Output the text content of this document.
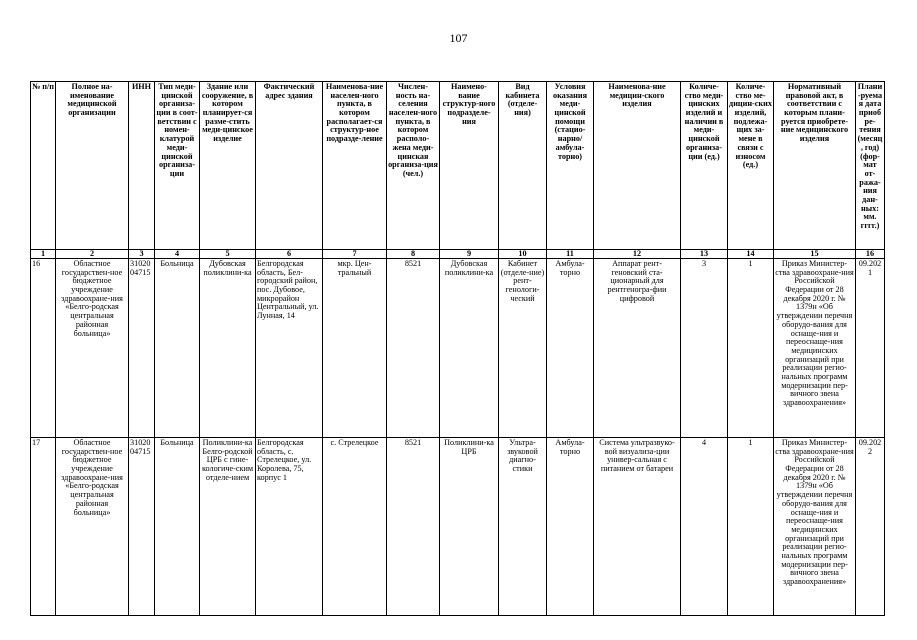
107
№ п/п	Полное на-именование медицинской организации	ИНН	Тип меди-цинской организа-ции в соот-ветствии с номен-клатурой меди-цинской организа-ции	Здание или сооружение, в котором планирует-ся разме-стить меди-цинское изделие	Фактический адрес здания	Наименова-ние населен-ного пункта, в котором располагает-ся структур-ное подразде-ление	Числен-ность на-селения населен-ного пункта, в котором располо-жена меди-цинская организа-ция (чел.)	Наимено-вание структур-ного подразделе-ния	Вид кабинета (отделе-ния)	Условия оказания меди-цинской помощи (стацио-нарно/ амбула-торно)	Наименова-ние медицин-ского изделия	Количе-ство меди-цинских изделий и наличии в меди-цинской организа-ции (ед.)	Количе-ство ме-дицин-ских изделий, подлежа-щих за-мене в связи с износом (ед.)	Нормативный правовой акт, в соответствии с которым плани-руется приобрете-ние медицинского изделия	Плани-руемая дата приобре-тения (месяц, год) (фор-мат от-ража-ния дан-ных: мм. гггг.)
1	2	3	4	5	6	7	8	9	10	11	12	13	14	15	16
16	Областное государствен-ное бюджетное учреждение здравоохране-ния «Белго-родская центральная районная больница»	3102004715	Больница	Дубовская поликлини-ка	Белгородская область, Бел-городский район, пос. Дубовое, микрорайон Центральный, ул. Лунная, 14	мкр. Цен-тральный	8521	Дубовская поликлини-ка	Кабинет (отделе-ние) рент-генологи-ческий	Амбула-торно	Аппарат рент-геновский ста-ционарный для рентгеногра-фии цифровой	3	1	Приказ Министер-ства здравоохране-ния Российской Федерации от 28 декабря 2020 г. № 1379н «Об утверждении перечня оборудо-вания для оснаще-ния и переоснаще-ния медицинских организаций при реализации регио-нальных программ модернизации пер-вичного звена здравоохранения»	09.2021
17	Областное государствен-ное бюджетное учреждение здравоохране-ния «Белго-родская центральная районная больница»	3102004715	Больница	Поликлини-ка Белго-родской ЦРБ с гине-кологиче-ским отделе-нием	Белгородская область, с. Стрелецкое, ул. Королева, 75, корпус 1	с. Стрелецкое	8521	Поликлини-ка ЦРБ	Ультра-звуковой диагно-стики	Амбула-торно	Система ультразвуко-вой визуализа-ции универ-сальная с питанием от батареи	4	1	Приказ Министер-ства здравоохране-ния Российской Федерации от 28 декабря 2020 г. № 1379н «Об утверждении перечня оборудо-вания для оснаще-ния и переоснаще-ния медицинских организаций при реализации регио-нальных программ модернизации пер-вичного звена здравоохранения»	09.2022
